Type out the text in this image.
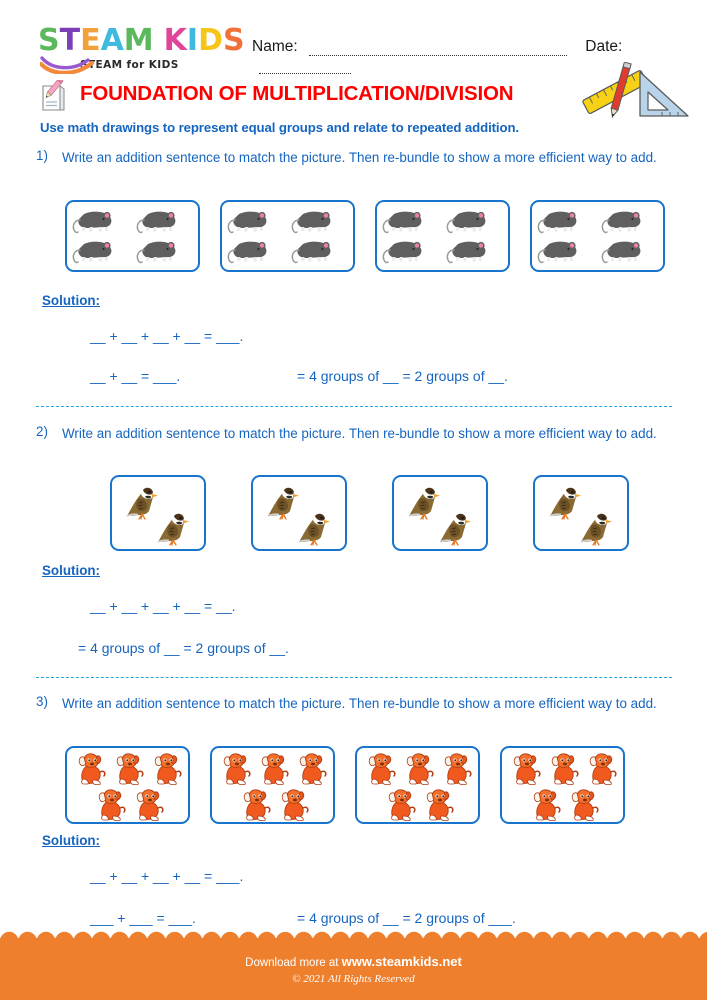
STEAM KIDS
STEAM for KIDS
Name:	Date:
FOUNDATION OF MULTIPLICATION/DIVISION
Use math drawings to represent equal groups and relate to repeated addition.
1) Write an addition sentence to match the picture. Then re-bundle to show a more efficient way to add.
Solution:
__ + __ + __ + __ = ___.
__ + __ = ___.	= 4 groups of __ = 2 groups of __.
2) Write an addition sentence to match the picture. Then re-bundle to show a more efficient way to add.
Solution:
__ + __ + __ + __ = __.
= 4 groups of __ = 2 groups of __.
3) Write an addition sentence to match the picture. Then re-bundle to show a more efficient way to add.
Solution:
__ + __ + __ + __ = ___.
___ + ___ = ___.	= 4 groups of __ = 2 groups of ___.
Download more at www.steamkids.net
© 2021 All Rights Reserved
